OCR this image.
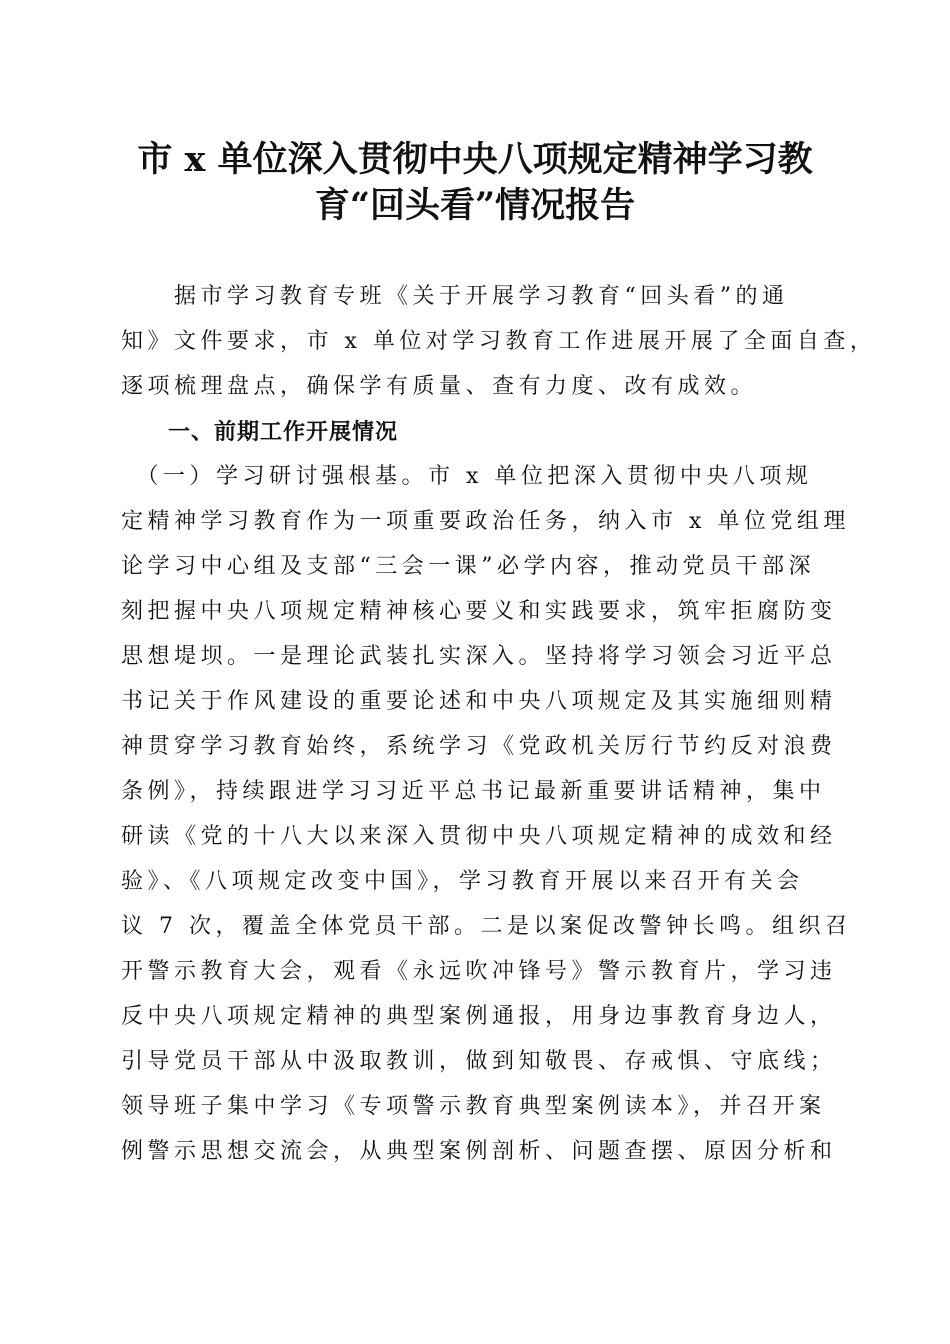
市 x 单位深入贯彻中央八项规定精神学习教
育“回头看”情况报告
　　据市学习教育专班《关于开展学习教育“回头看”的通
知》文件要求，市 x 单位对学习教育工作进展开展了全面自查，
逐项梳理盘点，确保学有质量、查有力度、改有成效。
一、前期工作开展情况
　（一）学习研讨强根基。市 x 单位把深入贯彻中央八项规
定精神学习教育作为一项重要政治任务，纳入市 x 单位党组理
论学习中心组及支部“三会一课”必学内容，推动党员干部深
刻把握中央八项规定精神核心要义和实践要求，筑牢拒腐防变
思想堤坝。一是理论武装扎实深入。坚持将学习领会习近平总
书记关于作风建设的重要论述和中央八项规定及其实施细则精
神贯穿学习教育始终，系统学习《党政机关厉行节约反对浪费
条例》，持续跟进学习习近平总书记最新重要讲话精神，集中
研读《党的十八大以来深入贯彻中央八项规定精神的成效和经
验》、《八项规定改变中国》，学习教育开展以来召开有关会
议 7 次，覆盖全体党员干部。二是以案促改警钟长鸣。组织召
开警示教育大会，观看《永远吹冲锋号》警示教育片，学习违
反中央八项规定精神的典型案例通报，用身边事教育身边人，
引导党员干部从中汲取教训，做到知敬畏、存戒惧、守底线；
领导班子集中学习《专项警示教育典型案例读本》，并召开案
例警示思想交流会，从典型案例剖析、问题查摆、原因分析和
